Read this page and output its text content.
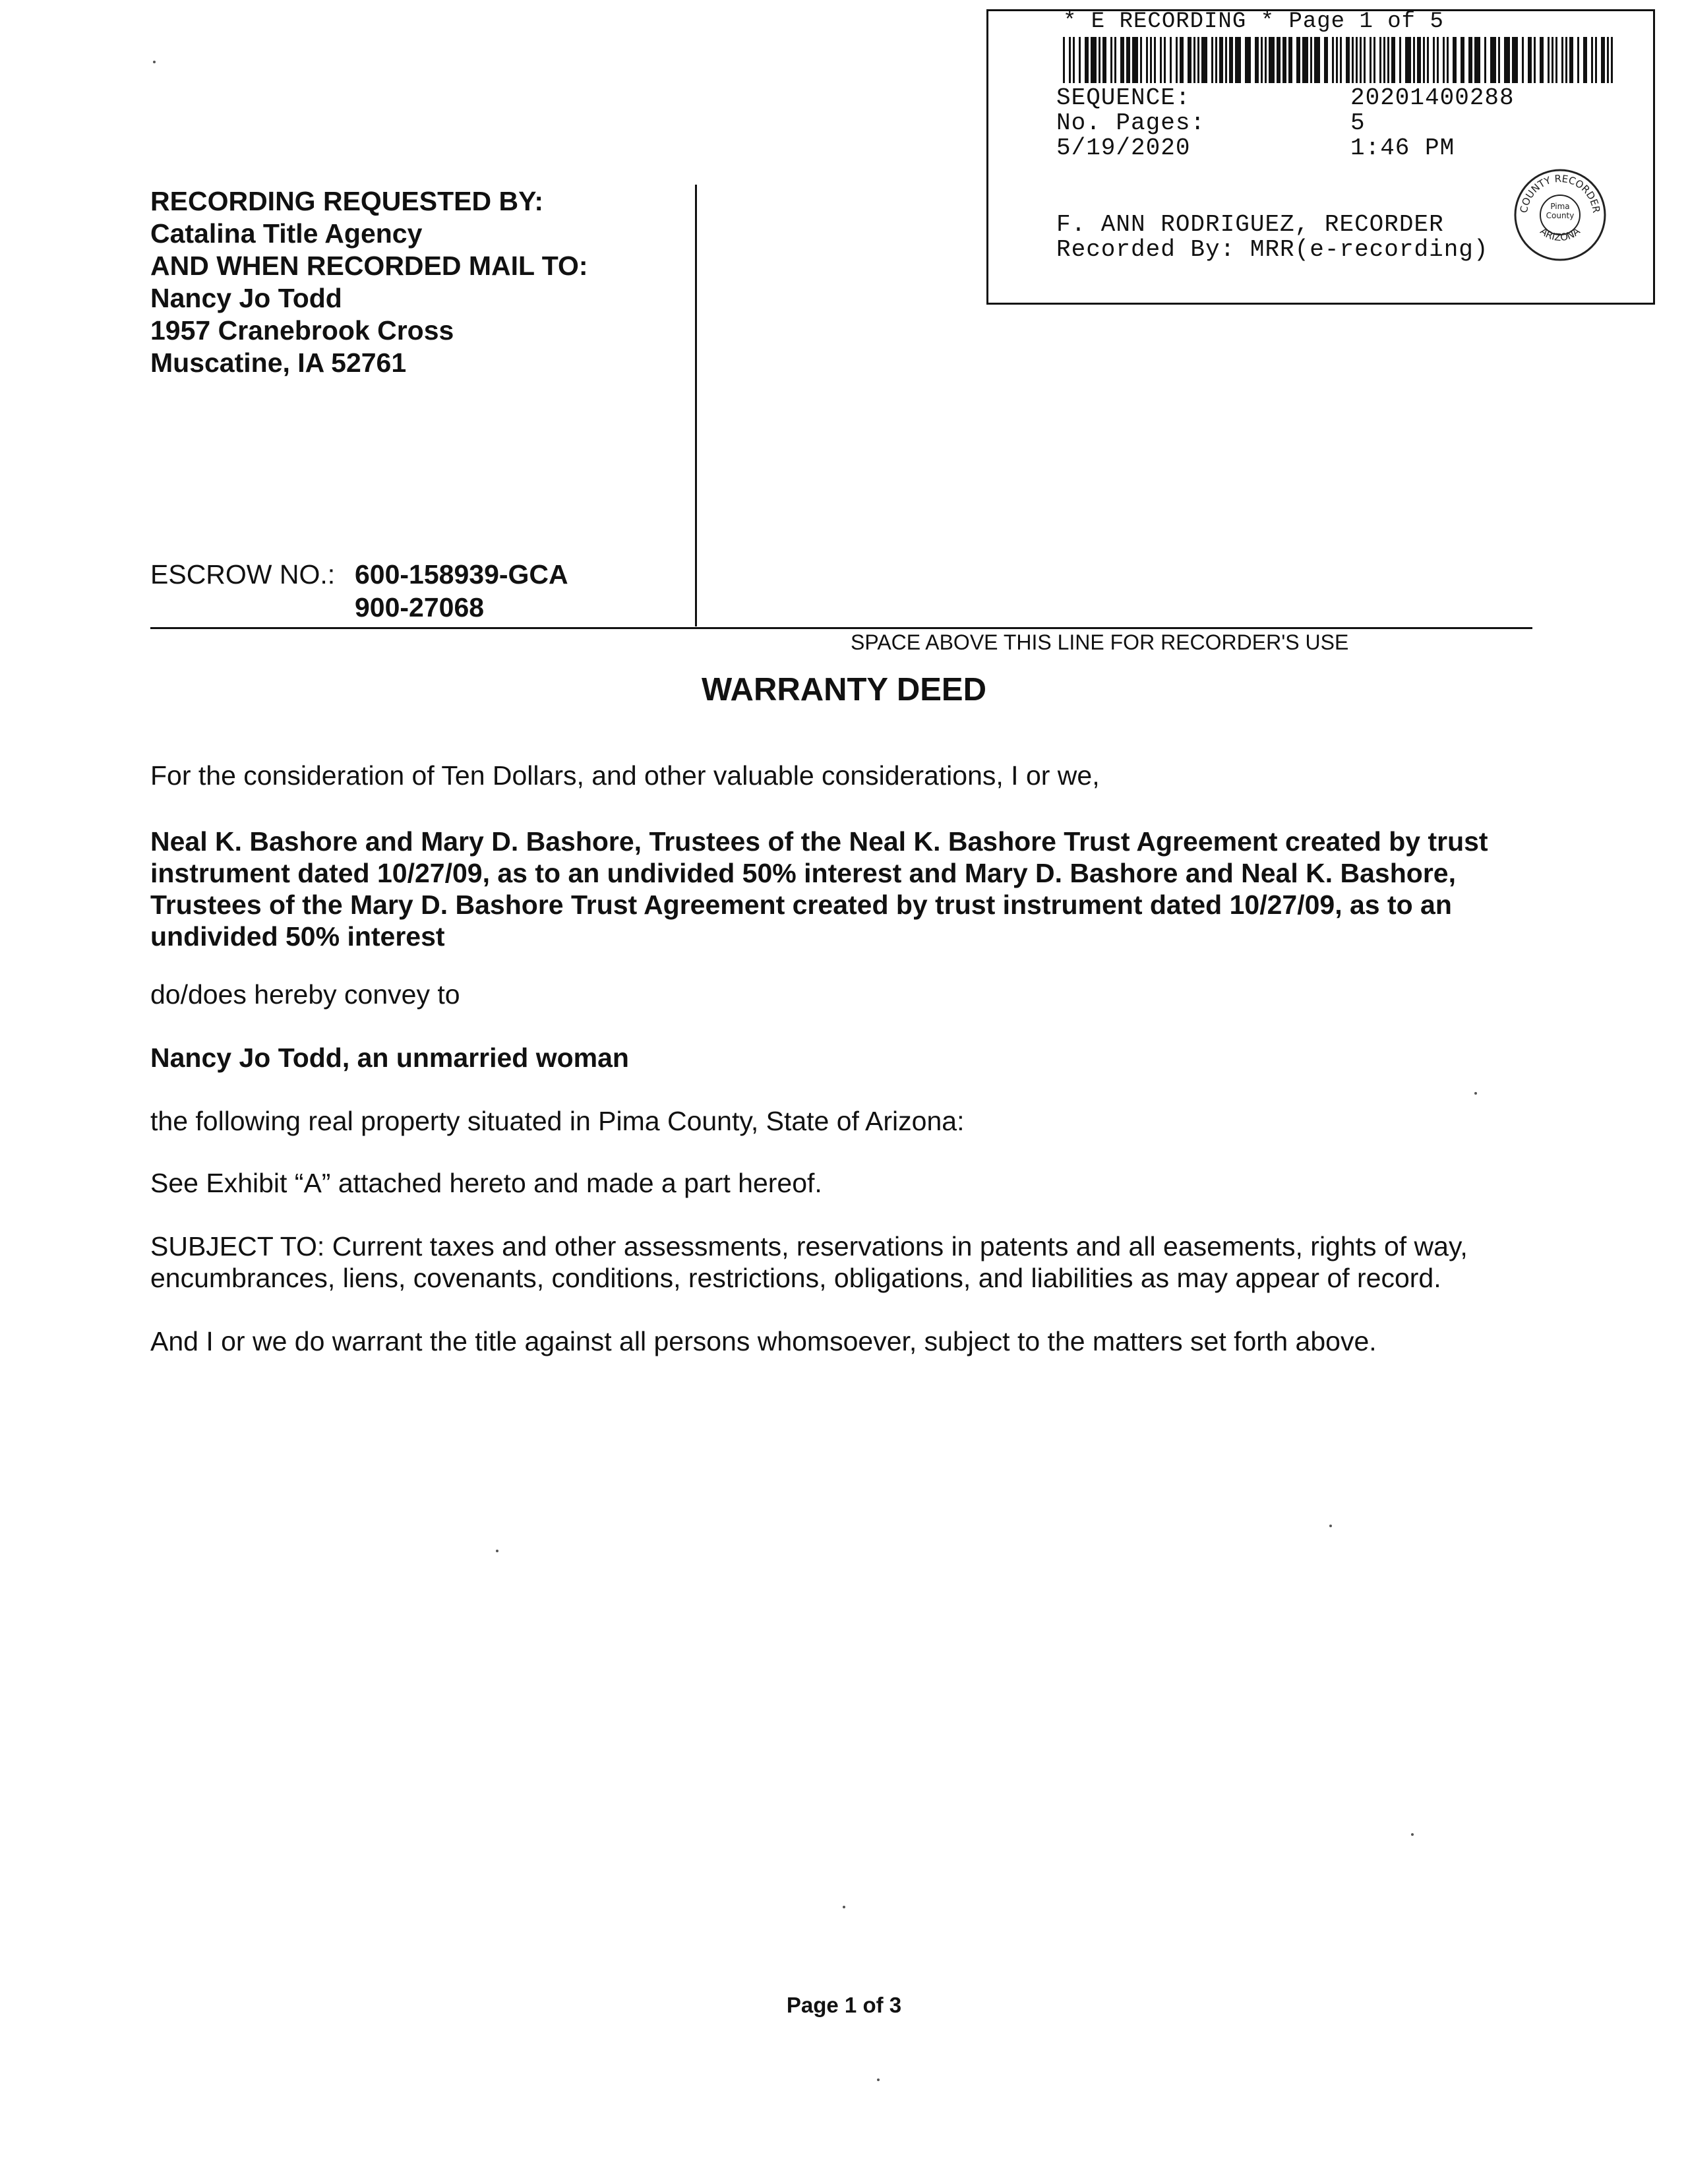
* E RECORDING * Page 1 of 5
SEQUENCE:	20201400288
No. Pages:	5
5/19/2020	1:46 PM
F. ANN RODRIGUEZ, RECORDER
Recorded By: MRR(e-recording)
COUNTY RECORDER
ARIZONA
Pima County
RECORDING REQUESTED BY:
Catalina Title Agency
AND WHEN RECORDED MAIL TO:
Nancy Jo Todd
1957 Cranebrook Cross
Muscatine, IA 52761
ESCROW NO.: 600-158939-GCA
900-27068
SPACE ABOVE THIS LINE FOR RECORDER'S USE
WARRANTY DEED
For the consideration of Ten Dollars, and other valuable considerations, I or we,
Neal K. Bashore and Mary D. Bashore, Trustees of the Neal K. Bashore Trust Agreement created by trust instrument dated 10/27/09, as to an undivided 50% interest and Mary D. Bashore and Neal K. Bashore, Trustees of the Mary D. Bashore Trust Agreement created by trust instrument dated 10/27/09, as to an undivided 50% interest
do/does hereby convey to
Nancy Jo Todd, an unmarried woman
the following real property situated in Pima County, State of Arizona:
See Exhibit “A” attached hereto and made a part hereof.
SUBJECT TO: Current taxes and other assessments, reservations in patents and all easements, rights of way, encumbrances, liens, covenants, conditions, restrictions, obligations, and liabilities as may appear of record.
And I or we do warrant the title against all persons whomsoever, subject to the matters set forth above.
Page 1 of 3
